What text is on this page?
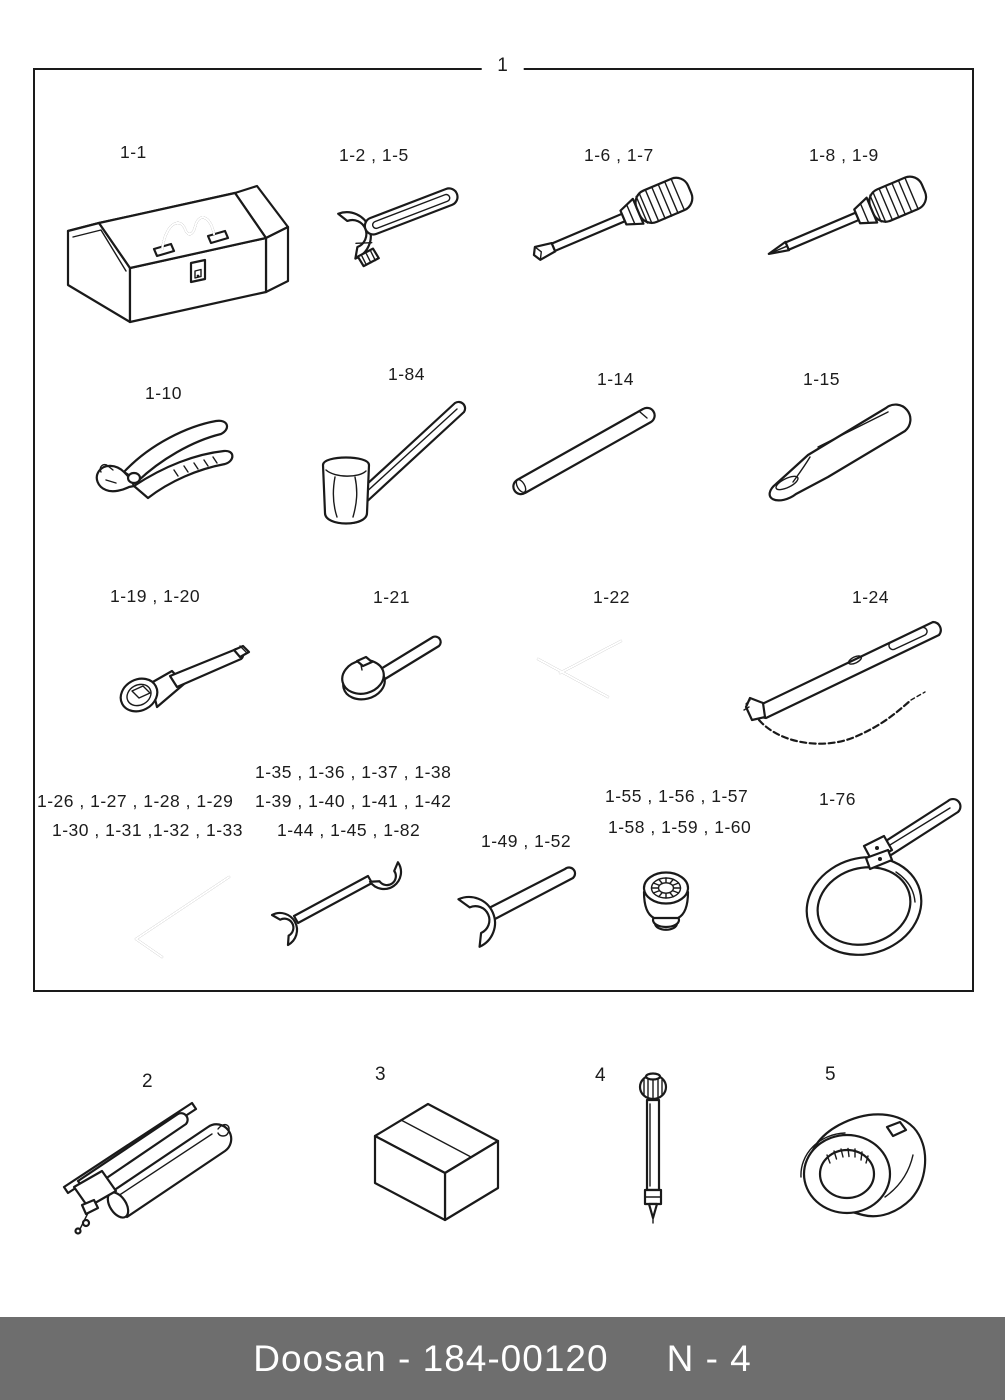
1
1-1	1-2 , 1-5	1-6 , 1-7	1-8 , 1-9
1-10
1-84	1-14	1-15
1-19 , 1-20	1-21	1-22	1-24
1-26 , 1-27 , 1-28 , 1-29
1-30 , 1-31 ,1-32 , 1-33
1-35 , 1-36 , 1-37 , 1-38
1-39 , 1-40 , 1-41 , 1-42
1-44 , 1-45 , 1-82
1-49 , 1-52
1-55 , 1-56 , 1-57
1-58 , 1-59 , 1-60
1-76
2	3	4	5
Doosan - 184-00120 N - 4
